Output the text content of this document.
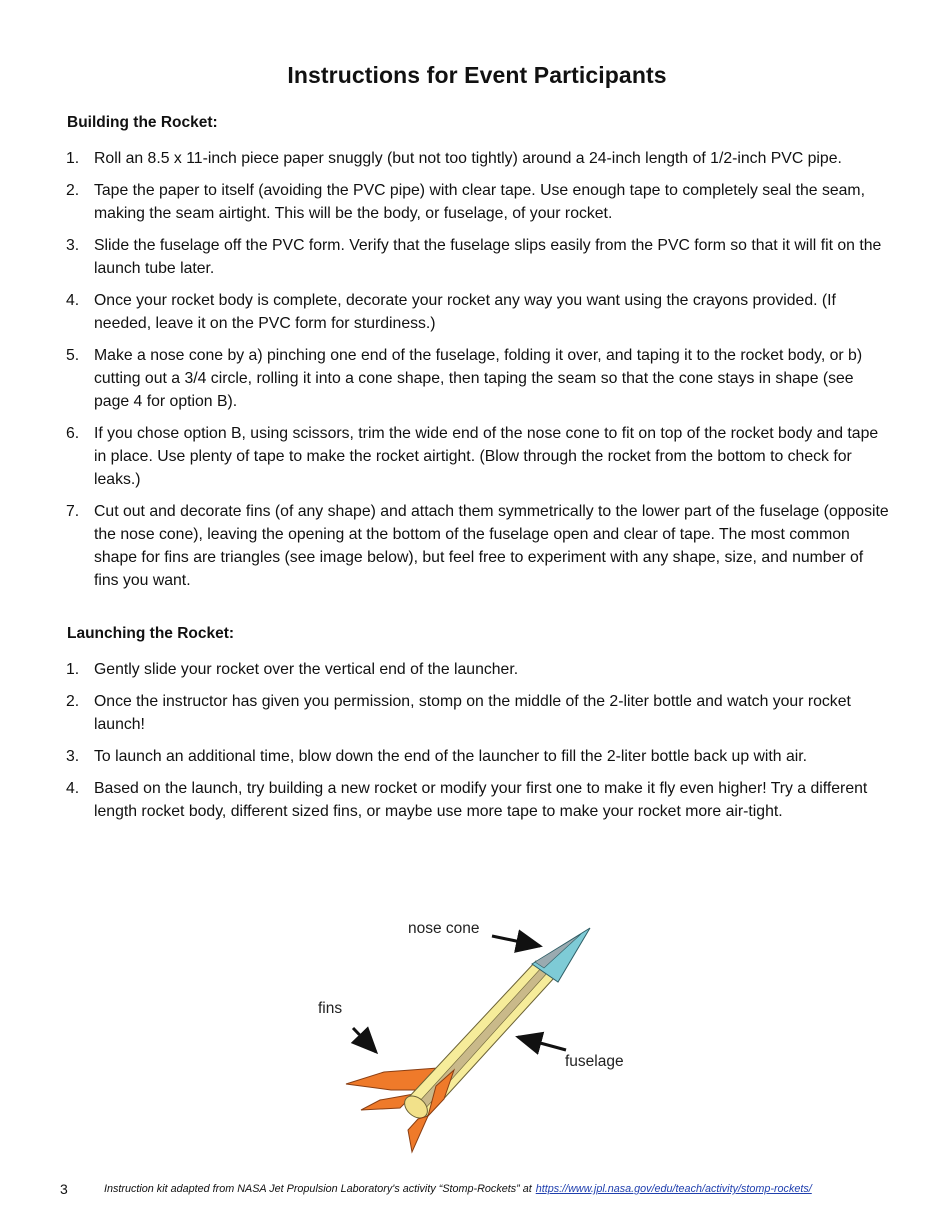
Instructions for Event Participants
Building the Rocket:
1. Roll an 8.5 x 11-inch piece paper snuggly (but not too tightly) around a 24-inch length of 1/2-inch PVC pipe.
2. Tape the paper to itself (avoiding the PVC pipe) with clear tape. Use enough tape to completely seal the seam, making the seam airtight. This will be the body, or fuselage, of your rocket.
3. Slide the fuselage off the PVC form. Verify that the fuselage slips easily from the PVC form so that it will fit on the launch tube later.
4. Once your rocket body is complete, decorate your rocket any way you want using the crayons provided. (If needed, leave it on the PVC form for sturdiness.)
5. Make a nose cone by a) pinching one end of the fuselage, folding it over, and taping it to the rocket body, or b) cutting out a 3/4 circle, rolling it into a cone shape, then taping the seam so that the cone stays in shape (see page 4 for option B).
6. If you chose option B, using scissors, trim the wide end of the nose cone to fit on top of the rocket body and tape in place. Use plenty of tape to make the rocket airtight. (Blow through the rocket from the bottom to check for leaks.)
7. Cut out and decorate fins (of any shape) and attach them symmetrically to the lower part of the fuselage (opposite the nose cone), leaving the opening at the bottom of the fuselage open and clear of tape. The most common shape for fins are triangles (see image below), but feel free to experiment with any shape, size, and number of fins you want.
Launching the Rocket:
1. Gently slide your rocket over the vertical end of the launcher.
2. Once the instructor has given you permission, stomp on the middle of the 2-liter bottle and watch your rocket launch!
3. To launch an additional time, blow down the end of the launcher to fill the 2-liter bottle back up with air.
4. Based on the launch, try building a new rocket or modify your first one to make it fly even higher! Try a different length rocket body, different sized fins, or maybe use more tape to make your rocket more air-tight.
nose cone
fins
fuselage
3	Instruction kit adapted from NASA Jet Propulsion Laboratory's activity “Stomp-Rockets” at https://www.jpl.nasa.gov/edu/teach/activity/stomp-rockets/
